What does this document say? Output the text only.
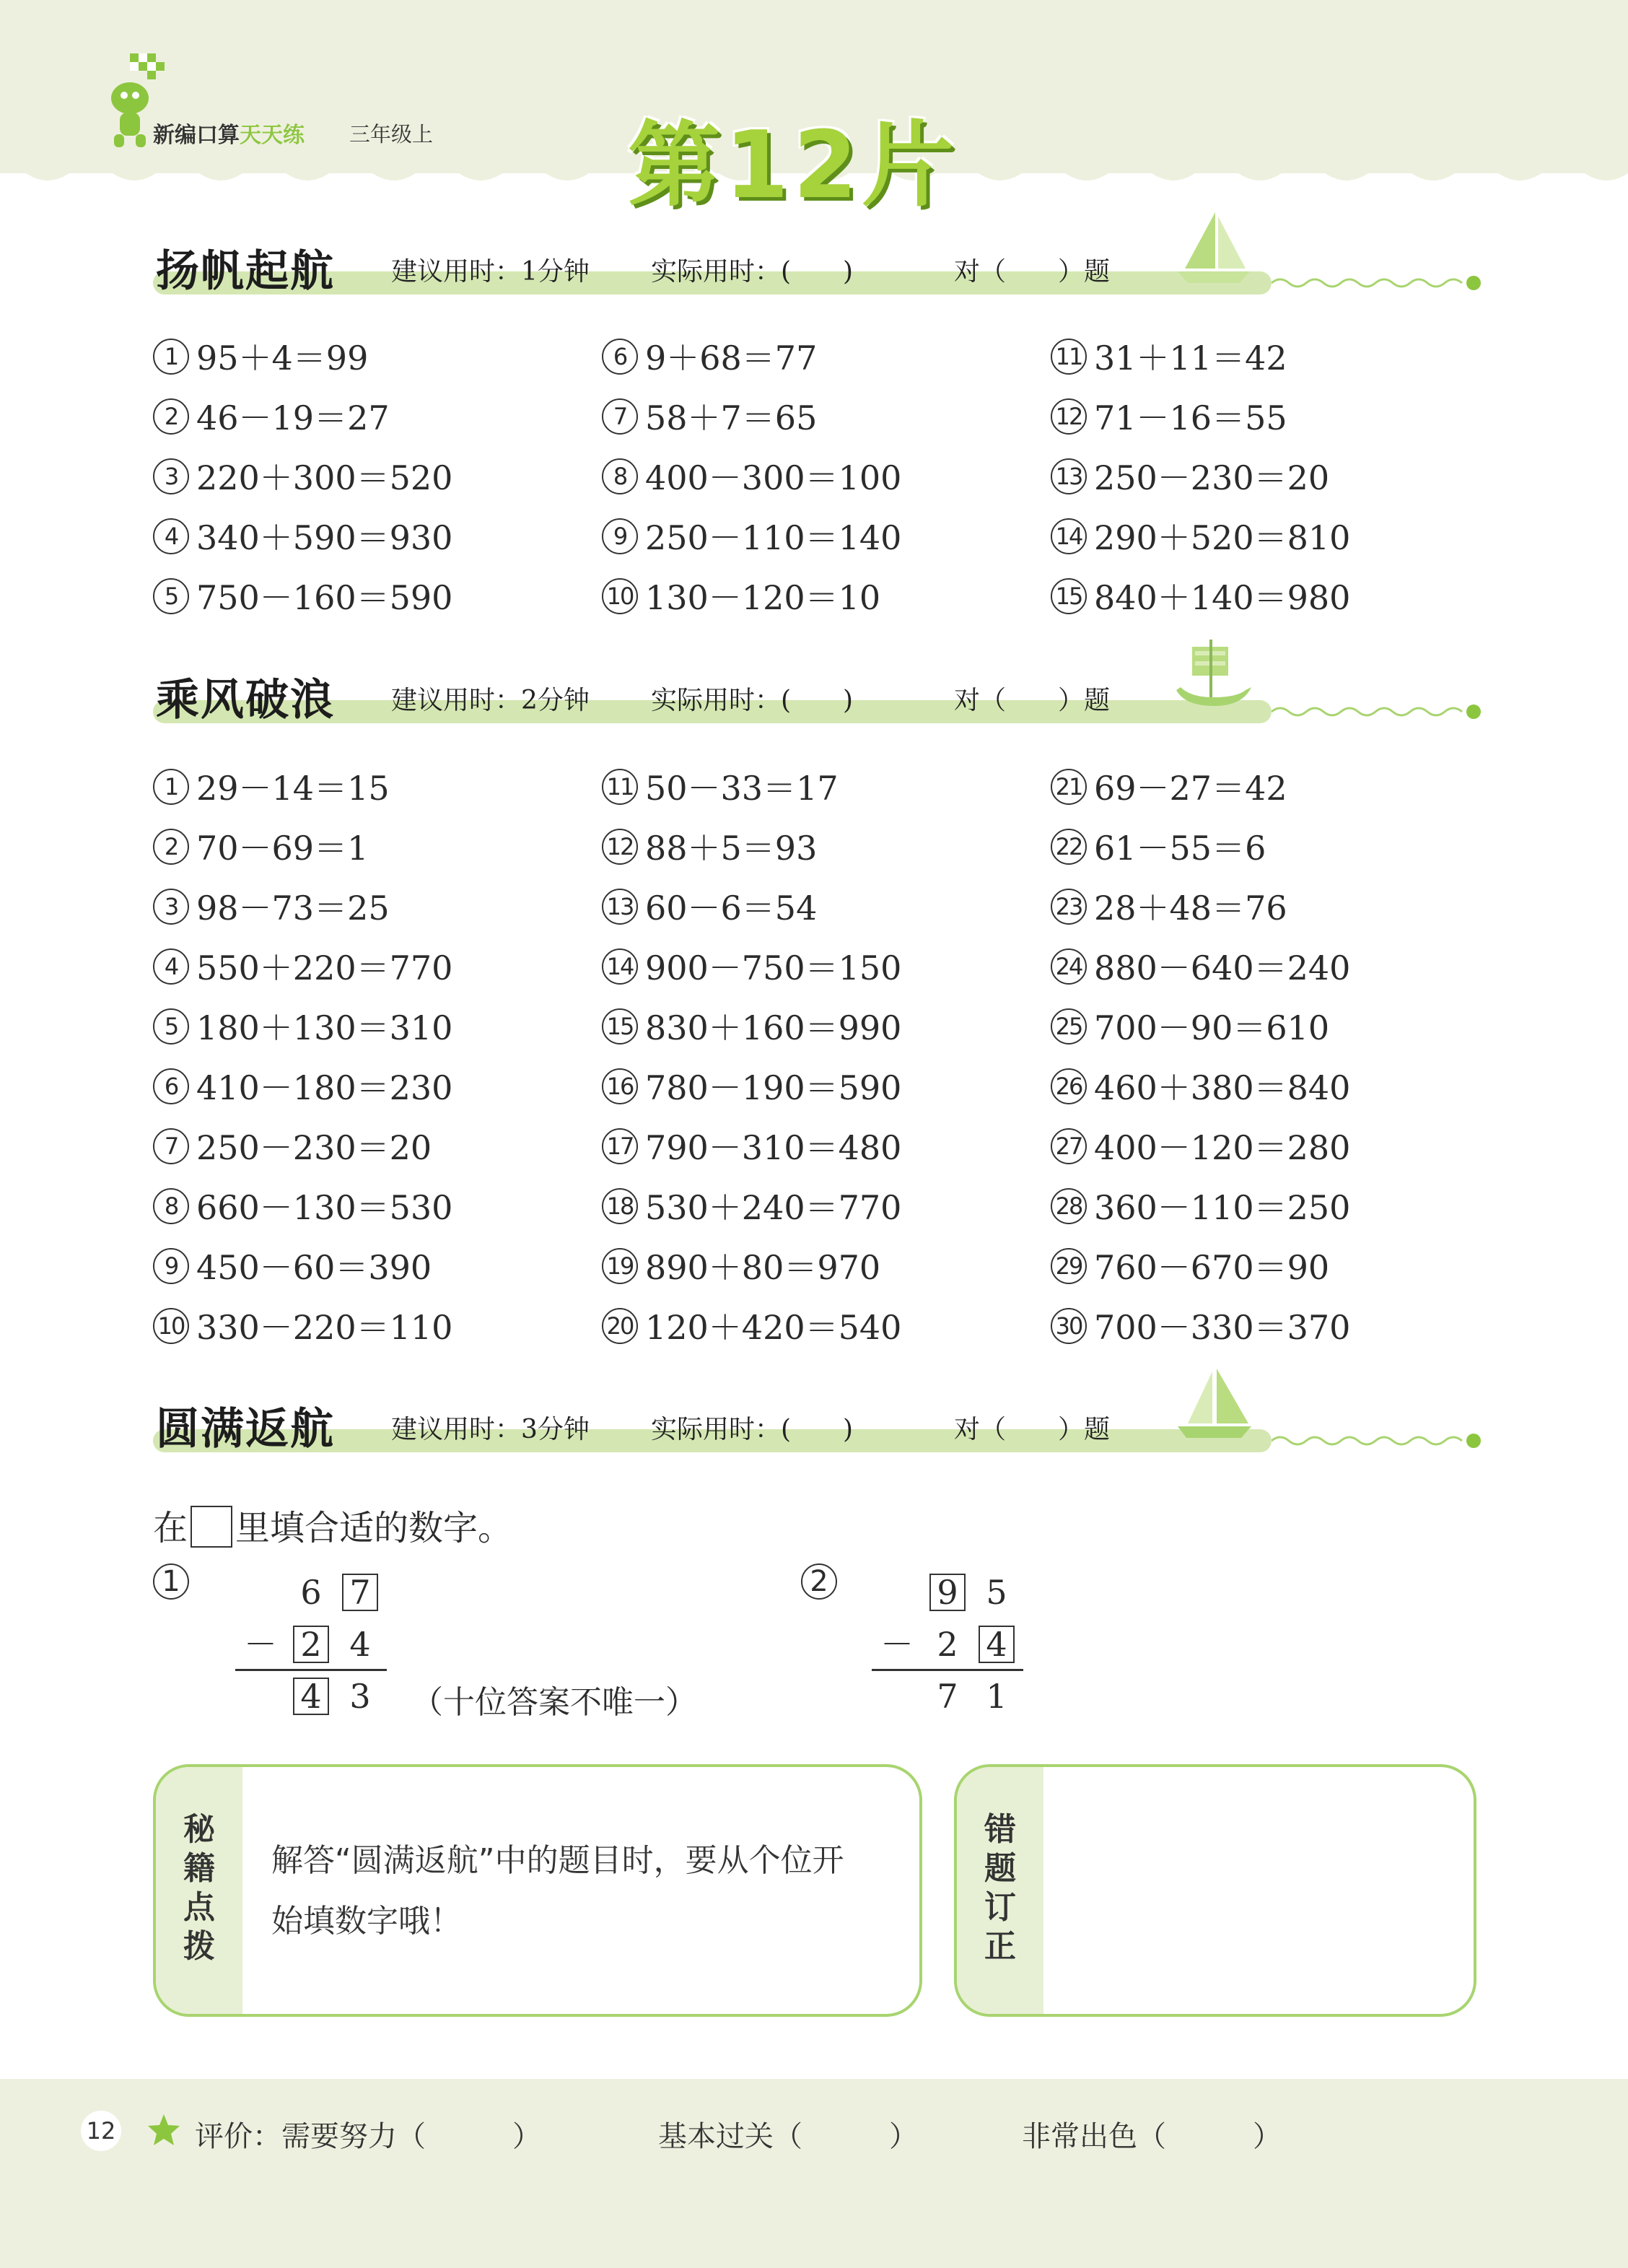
新编口算天天练 三年级上 第12片
扬帆起航 建议用时：1分钟 实际用时：(　　)	对（　　）题
1 95＋4＝99	6 9＋68＝77	11 31＋11＝42
2 46－19＝27	7 58＋7＝65	12 71－16＝55
3 220＋300＝520	8 400－300＝100	13 250－230＝20
4 340＋590＝930	9 250－110＝140	14 290＋520＝810
5 750－160＝590	10 130－120＝10	15 840＋140＝980
乘风破浪 建议用时：2分钟 实际用时：(　　)	对（　　）题
1 29－14＝15	11 50－33＝17	21 69－27＝42
2 70－69＝1	12 88＋5＝93	22 61－55＝6
3 98－73＝25	13 60－6＝54	23 28＋48＝76
4 550＋220＝770	14 900－750＝150	24 880－640＝240
5 180＋130＝310	15 830＋160＝990	25 700－90＝610
6 410－180＝230	16 780－190＝590	26 460＋380＝840
7 250－230＝20	17 790－310＝480	27 400－120＝280
8 660－130＝530	18 530＋240＝770	28 360－110＝250
9 450－60＝390	19 890＋80＝970	29 760－670＝90
10 330－220＝110	20 120＋420＝540	30 700－330＝370
圆满返航 建议用时：3分钟 实际用时：(　　)	对（　　）题
在 里填合适的数字。
1	6 7
－ 2 4
4 3 （十位答案不唯一）
2	9 5
－ 2 4
7 1
秘
籍
点
拨
解答“圆满返航”中的题目时，要从个位开
始填数字哦！
错
题
订
正
12	评价：需要努力（　　　）	基本过关（　　　）	非常出色（　　　）
